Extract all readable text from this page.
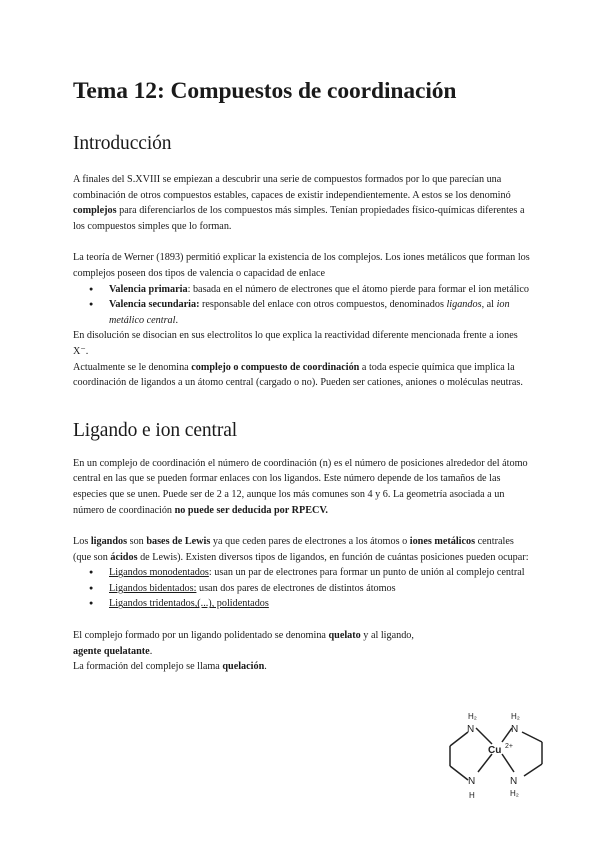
Tema 12: Compuestos de coordinación
Introducción

A finales del S.XVIII se empiezan a descubrir una serie de compuestos formados por lo que parecían una combinación de otros compuestos estables, capaces de existir independientemente. A estos se los denominó complejos para diferenciarlos de los compuestos más simples. Tenían propiedades físico-químicas diferentes a los compuestos simples que lo forman.

La teoría de Werner (1893) permitió explicar la existencia de los complejos. Los iones metálicos que forman los complejos poseen dos tipos de valencia o capacidad de enlace

● Valencia primaria: basada en el número de electrones que el átomo pierde para formar el ion metálico
● Valencia secundaria: responsable del enlace con otros compuestos, denominados ligandos, al ion metálico central.

En disolución se disocian en sus electrolitos lo que explica la reactividad diferente mencionada frente a iones X⁻.

Actualmente se le denomina complejo o compuesto de coordinación a toda especie química que implica la coordinación de ligandos a un átomo central (cargado o no). Pueden ser cationes, aniones o moléculas neutras.

Ligando e ion central

En un complejo de coordinación el número de coordinación (n) es el número de posiciones alrededor del átomo central en las que se pueden formar enlaces con los ligandos. Este número depende de los tamaños de las especies que se unen. Puede ser de 2 a 12, aunque los más comunes son 4 y 6. La geometría asociada a un número de coordinación no puede ser deducida por RPECV.

Los ligandos son bases de Lewis ya que ceden pares de electrones a los átomos o iones metálicos centrales (que son ácidos de Lewis). Existen diversos tipos de ligandos, en función de cuántas posiciones pueden ocupar:

● Ligandos monodentados: usan un par de electrones para formar un punto de unión al complejo central
● Ligandos bidentados: usan dos pares de electrones de distintos átomos
● Ligandos tridentados,(...), polidentados

El complejo formado por un ligando polidentado se denomina quelato y al ligando, agente quelatante.

La formación del complejo se llama quelación.

H₂
N
H₂
N
Cu 2+
N
H
N
H₂
